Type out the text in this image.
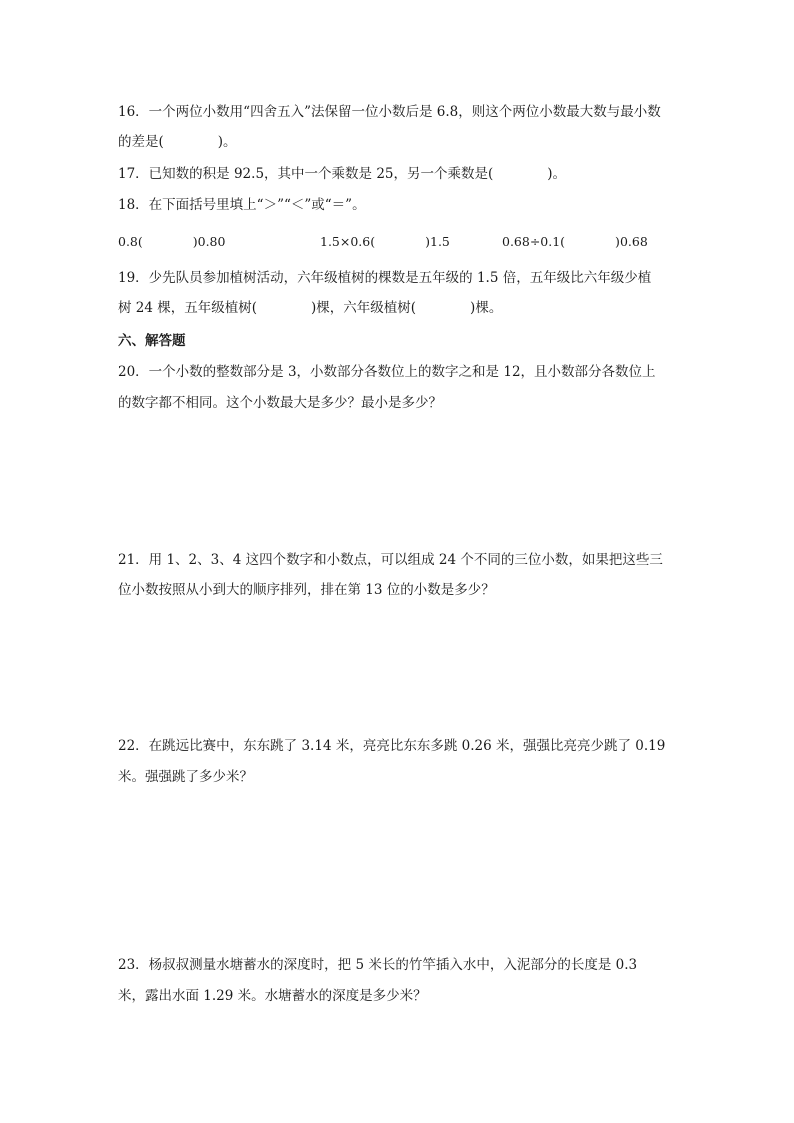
16．一个两位小数用“四舍五入”法保留一位小数后是 6.8，则这个两位小数最大数与最小数
的差是(　　　　)。
17．已知数的积是 92.5，其中一个乘数是 25，另一个乘数是(　　　　)。
18．在下面括号里填上“＞”“＜”或“＝”。
0.8(　　　　)0.80	1.5×0.6(　　　　)1.5	0.68÷0.1(　　　　)0.68
19．少先队员参加植树活动，六年级植树的棵数是五年级的 1.5 倍，五年级比六年级少植
树 24 棵，五年级植树(　　　　)棵，六年级植树(　　　　)棵。
六、解答题
20．一个小数的整数部分是 3，小数部分各数位上的数字之和是 12，且小数部分各数位上
的数字都不相同。这个小数最大是多少？最小是多少？
21．用 1、2、3、4 这四个数字和小数点，可以组成 24 个不同的三位小数，如果把这些三
位小数按照从小到大的顺序排列，排在第 13 位的小数是多少？
22．在跳远比赛中，东东跳了 3.14 米，亮亮比东东多跳 0.26 米，强强比亮亮少跳了 0.19
米。强强跳了多少米？
23．杨叔叔测量水塘蓄水的深度时，把 5 米长的竹竿插入水中，入泥部分的长度是 0.3
米，露出水面 1.29 米。水塘蓄水的深度是多少米？
